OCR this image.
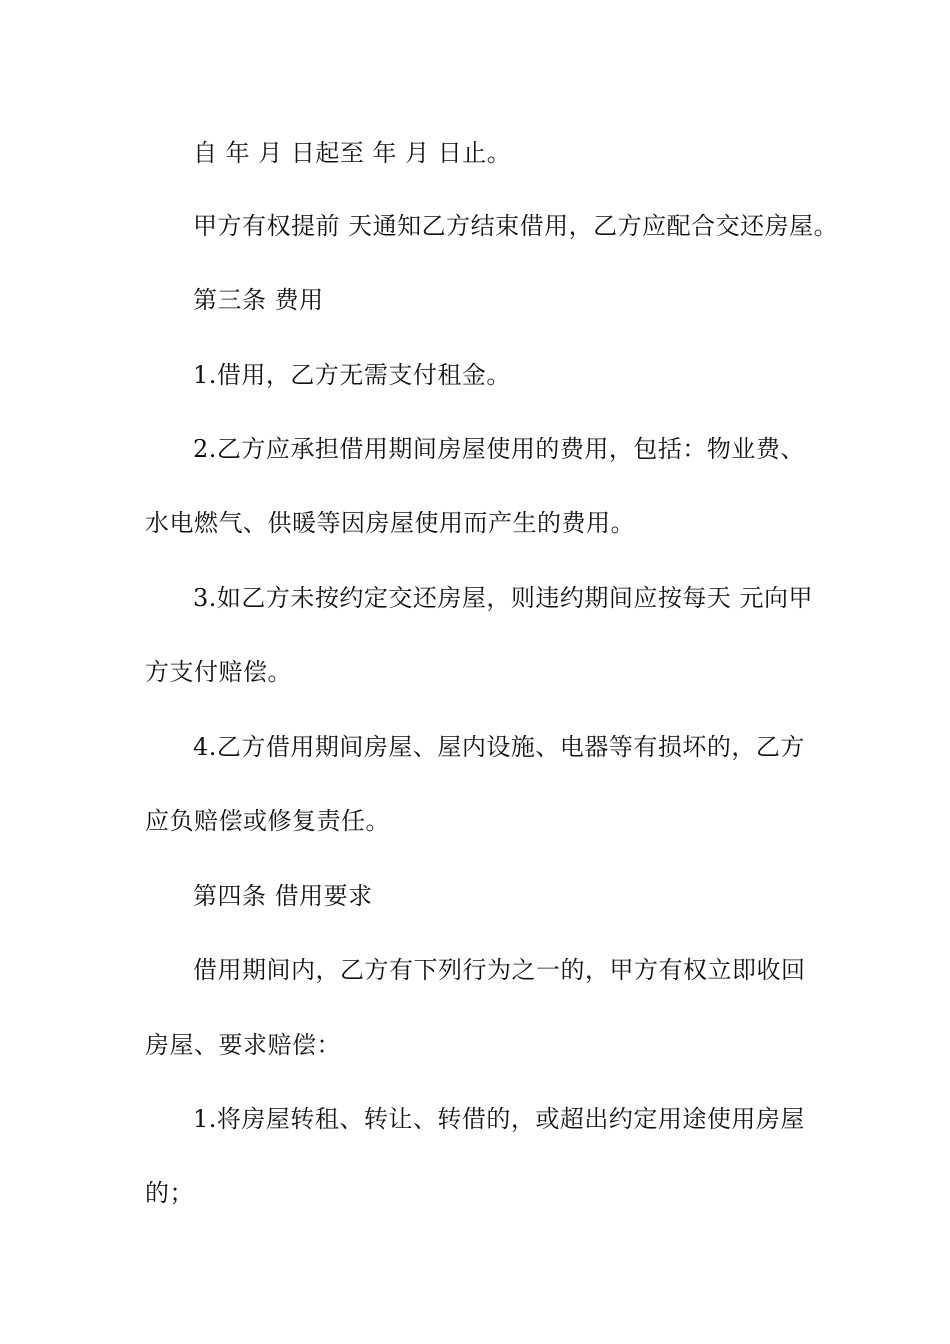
自 年 月 日起至 年 月 日止。

甲方有权提前 天通知乙方结束借用，乙方应配合交还房屋。

第三条 费用

1.借用，乙方无需支付租金。

2.乙方应承担借用期间房屋使用的费用，包括：物业费、

水电燃气、供暖等因房屋使用而产生的费用。

3.如乙方未按约定交还房屋，则违约期间应按每天 元向甲

方支付赔偿。

4.乙方借用期间房屋、屋内设施、电器等有损坏的，乙方

应负赔偿或修复责任。

第四条 借用要求

借用期间内，乙方有下列行为之一的，甲方有权立即收回

房屋、要求赔偿：

1.将房屋转租、转让、转借的，或超出约定用途使用房屋

的；
